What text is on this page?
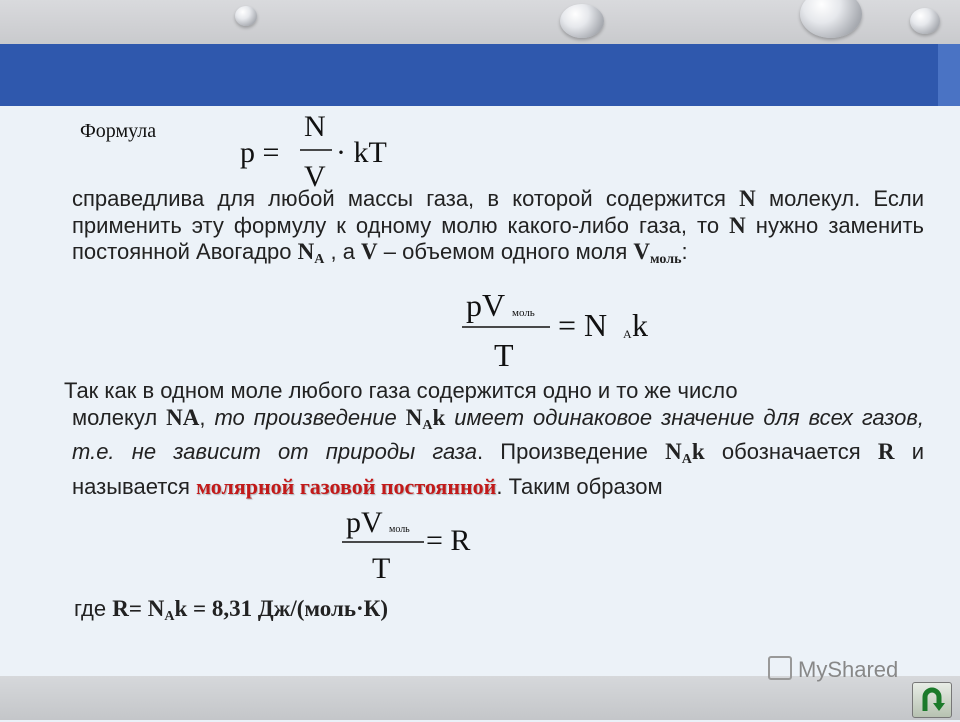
Формула
p =
N
V
· kT
справедлива для любой массы газа, в которой содержится N молекул. Если применить эту формулу к одному молю какого-либо газа, то N нужно заменить постоянной Авогадро $N_A$ , а V – объемом одного моля $V_{моль}$:
pV моль
T
= N A k
Так как в одном моле любого газа содержится одно и то же число
молекул NA, то произведение $N_Ak$ имеет одинаковое значение для всех газов, т.е. не зависит от природы газа. Произведение $N_Ak$ обозначается R и называется молярной газовой постоянной. Таким образом
pV моль
T
= R
где $R= N_Ak = 8,31$ Дж/(моль·К)
MyShared
